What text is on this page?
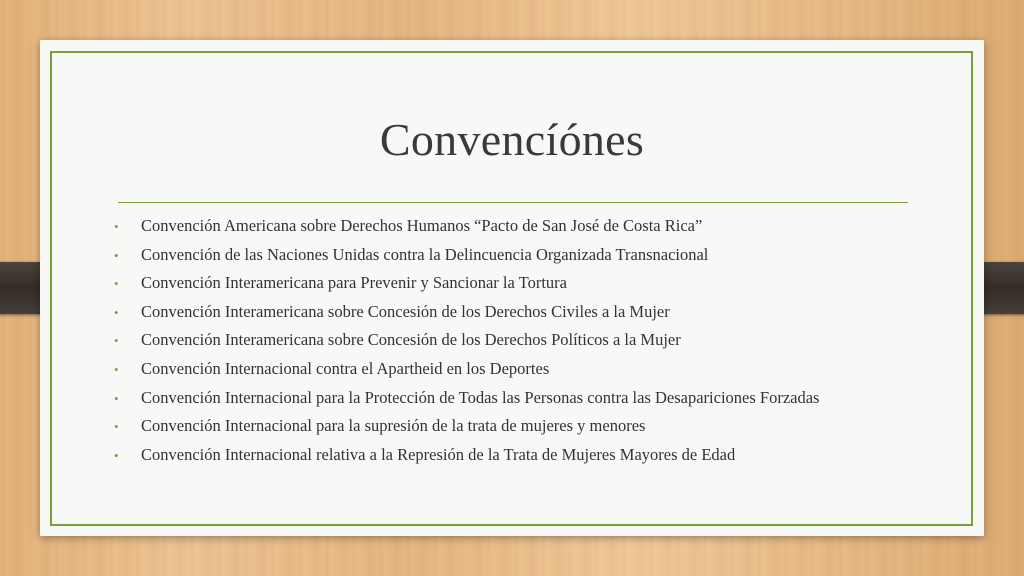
Convencíónes
•	Convención Americana sobre Derechos Humanos “Pacto de San José de Costa Rica”
•	Convención de las Naciones Unidas contra la Delincuencia Organizada Transnacional
•	Convención Interamericana para Prevenir y Sancionar la Tortura
•	Convención Interamericana sobre Concesión de los Derechos Civiles a la Mujer
•	Convención Interamericana sobre Concesión de los Derechos Políticos a la Mujer
•	Convención Internacional contra el Apartheid en los Deportes
•	Convención Internacional para la Protección de Todas las Personas contra las Desapariciones Forzadas
•	Convención Internacional para la supresión de la trata de mujeres y menores
•	Convención Internacional relativa a la Represión de la Trata de Mujeres Mayores de Edad
